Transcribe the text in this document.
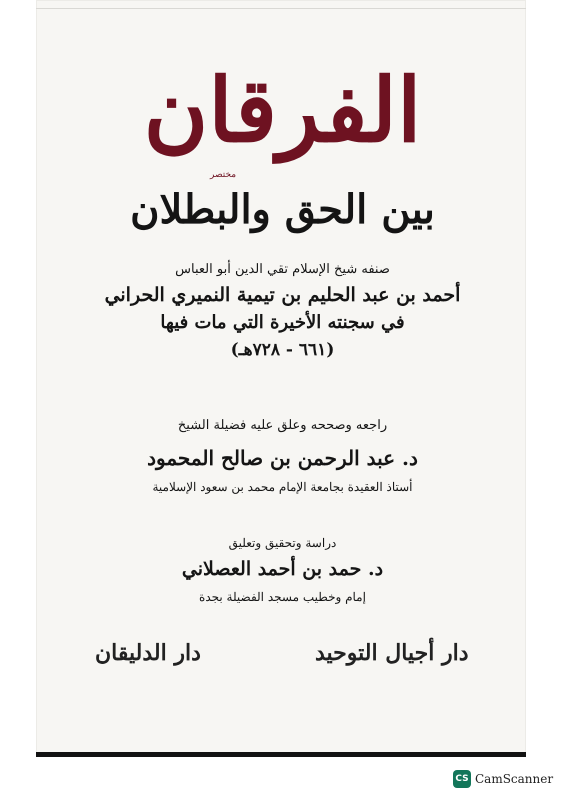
الفرقان
مختصر
بين الحق والبطلان
صنفه شيخ الإسلام تقي الدين أبو العباس
أحمد بن عبد الحليم بن تيمية النميري الحراني
في سجنته الأخيرة التي مات فيها
(٦٦١ - ٧٢٨هـ)
راجعه وصححه وعلق عليه فضيلة الشيخ
د. عبد الرحمن بن صالح المحمود
أستاذ العقيدة بجامعة الإمام محمد بن سعود الإسلامية
دراسة وتحقيق وتعليق
د. حمد بن أحمد العصلاني
إمام وخطيب مسجد الفضيلة بجدة
دار الدليقان	دار أجيال التوحيد
CS CamScanner
